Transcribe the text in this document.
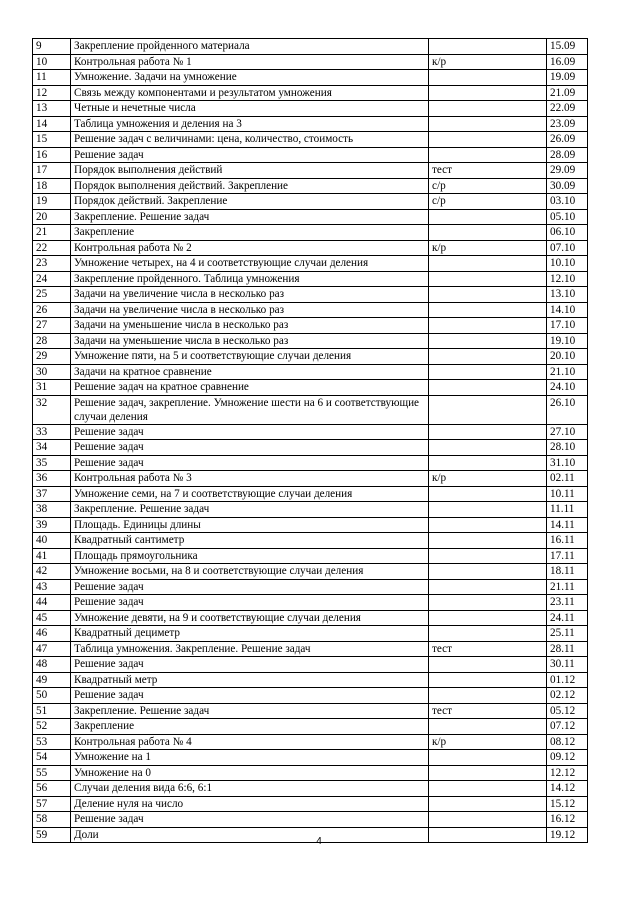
9	Закрепление пройденного материала		15.09
10	Контрольная работа № 1	к/р	16.09
11	Умножение. Задачи на умножение		19.09
12	Связь между компонентами и результатом умножения		21.09
13	Четные и нечетные числа		22.09
14	Таблица умножения и деления на 3		23.09
15	Решение задач с величинами: цена, количество, стоимость		26.09
16	Решение задач		28.09
17	Порядок выполнения действий	тест	29.09
18	Порядок выполнения действий. Закрепление	с/р	30.09
19	Порядок действий. Закрепление	с/р	03.10
20	Закрепление. Решение задач		05.10
21	Закрепление		06.10
22	Контрольная работа № 2	к/р	07.10
23	Умножение четырех, на 4 и соответствующие случаи деления		10.10
24	Закрепление пройденного. Таблица умножения		12.10
25	Задачи на увеличение числа в несколько раз		13.10
26	Задачи на увеличение числа в несколько раз		14.10
27	Задачи на уменьшение числа в несколько раз		17.10
28	Задачи на уменьшение числа в несколько раз		19.10
29	Умножение пяти, на 5 и соответствующие случаи деления		20.10
30	Задачи на кратное сравнение		21.10
31	Решение задач на кратное сравнение		24.10
32	Решение задач, закрепление. Умножение шести на 6 и соответствующие случаи деления		26.10
33	Решение задач		27.10
34	Решение задач		28.10
35	Решение задач		31.10
36	Контрольная работа № 3	к/р	02.11
37	Умножение семи, на 7 и соответствующие случаи деления		10.11
38	Закрепление. Решение задач		11.11
39	Площадь. Единицы длины		14.11
40	Квадратный сантиметр		16.11
41	Площадь прямоугольника		17.11
42	Умножение восьми, на 8 и соответствующие случаи деления		18.11
43	Решение задач		21.11
44	Решение задач		23.11
45	Умножение девяти, на 9 и соответствующие случаи деления		24.11
46	Квадратный дециметр		25.11
47	Таблица умножения. Закрепление. Решение задач	тест	28.11
48	Решение задач		30.11
49	Квадратный метр		01.12
50	Решение задач		02.12
51	Закрепление. Решение задач	тест	05.12
52	Закрепление		07.12
53	Контрольная работа № 4	к/р	08.12
54	Умножение на 1		09.12
55	Умножение на 0		12.12
56	Случаи деления вида 6:6, 6:1		14.12
57	Деление нуля на число		15.12
58	Решение задач		16.12
59	Доли		19.12
4
